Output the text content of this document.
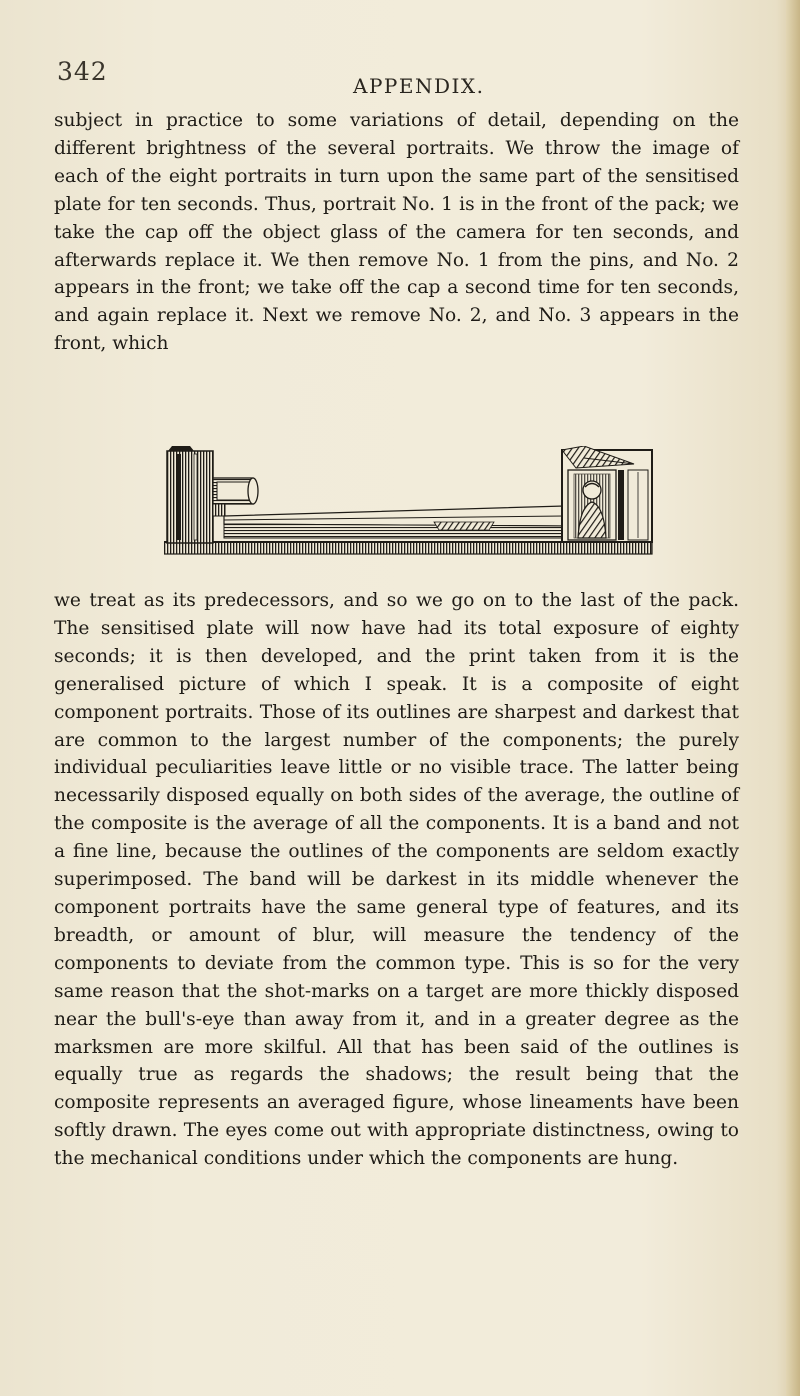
342	APPENDIX.

subject in practice to some variations of detail, depending on the different brightness of the several portraits. We throw the image of each of the eight portraits in turn upon the same part of the sensitised plate for ten seconds. Thus, portrait No. 1 is in the front of the pack; we take the cap off the object glass of the camera for ten seconds, and afterwards replace it. We then remove No. 1 from the pins, and No. 2 appears in the front; we take off the cap a second time for ten seconds, and again replace it. Next we remove No. 2, and No. 3 appears in the front, which

we treat as its predecessors, and so we go on to the last of the pack. The sensitised plate will now have had its total exposure of eighty seconds; it is then developed, and the print taken from it is the generalised picture of which I speak. It is a composite of eight component portraits. Those of its outlines are sharpest and darkest that are common to the largest number of the components; the purely individual peculiarities leave little or no visible trace. The latter being necessarily disposed equally on both sides of the average, the outline of the composite is the average of all the components. It is a band and not a fine line, because the outlines of the components are seldom exactly superimposed. The band will be darkest in its middle whenever the component portraits have the same general type of features, and its breadth, or amount of blur, will measure the tendency of the components to deviate from the common type. This is so for the very same reason that the shot-marks on a target are more thickly disposed near the bull's-eye than away from it, and in a greater degree as the marksmen are more skilful. All that has been said of the outlines is equally true as regards the shadows; the result being that the composite represents an averaged figure, whose lineaments have been softly drawn. The eyes come out with appropriate distinctness, owing to the mechanical conditions under which the components are hung.
